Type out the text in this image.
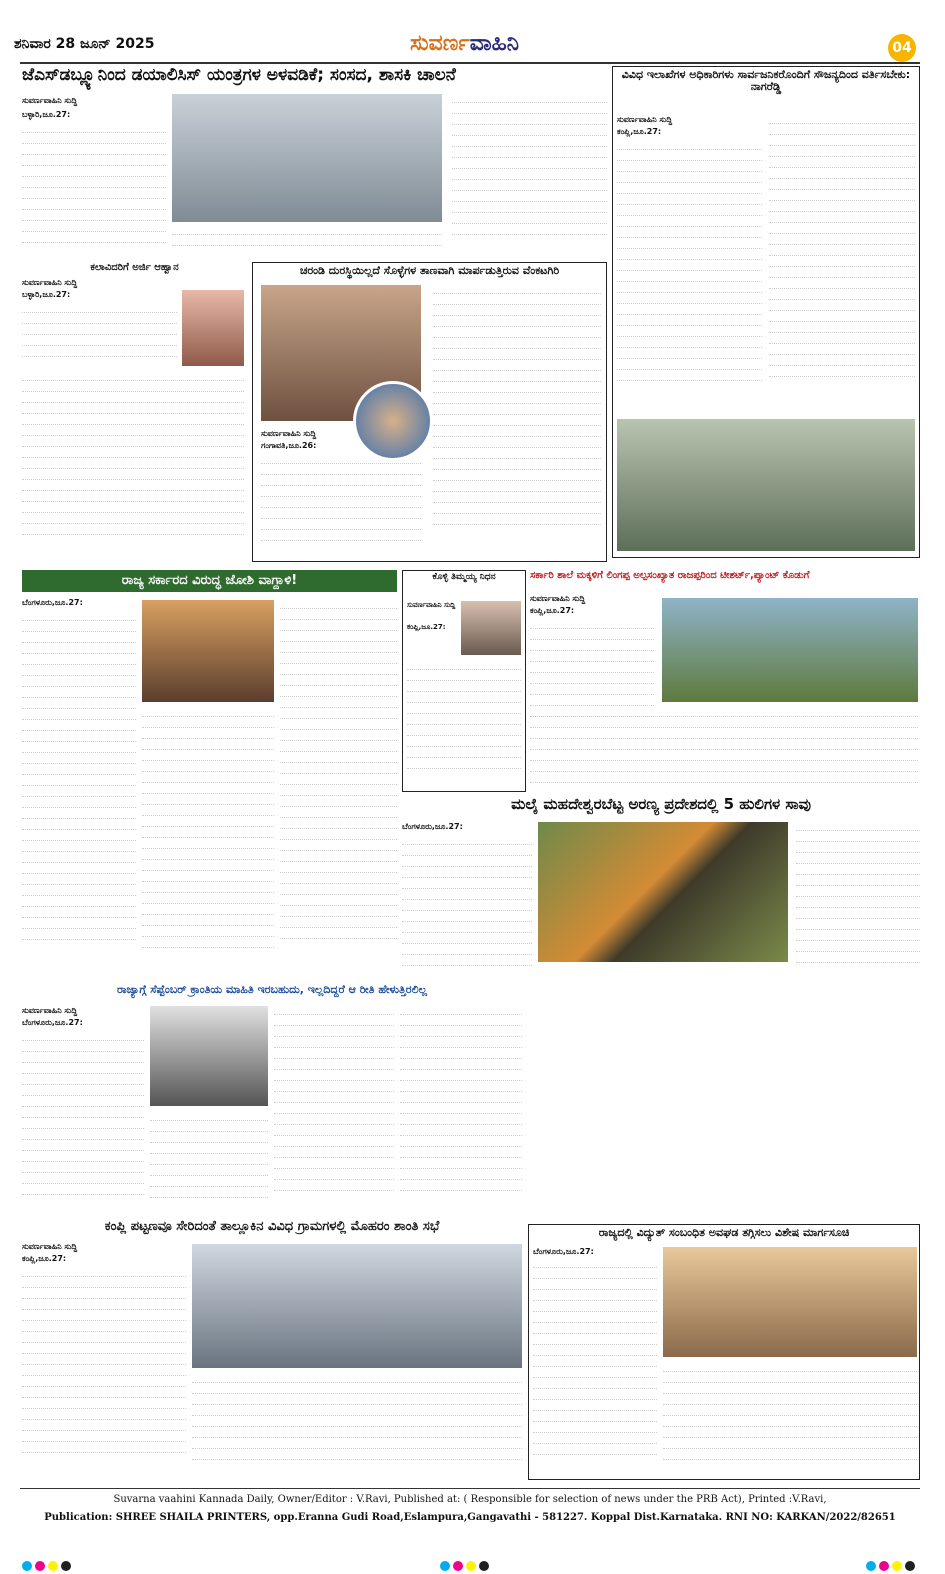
ಶನಿವಾರ 28 ಜೂನ್ 2025	ಸುವರ್ಣವಾಹಿನಿ	04
ಜೆಎಸ್‌ಡಬ್ಲ್ಯೂನಿಂದ ಡಯಾಲಿಸಿಸ್ ಯಂತ್ರಗಳ ಅಳವಡಿಕೆ; ಸಂಸದ, ಶಾಸಕಿ ಚಾಲನೆ
ಸುವರ್ಣವಾಹಿನಿ ಸುದ್ದಿ
ಬಳ್ಳಾರಿ,ಜೂ.27:
ವಿವಿಧ ಇಲಾಖೆಗಳ ಅಧಿಕಾರಿಗಳು ಸಾರ್ವಜನಿಕರೊಂದಿಗೆ ಸೌಜನ್ಯದಿಂದ ವರ್ತಿಸಬೇಕು: ನಾಗರೆಡ್ಡಿ
ಸುವರ್ಣವಾಹಿನಿ ಸುದ್ದಿ
ಕಂಪ್ಲಿ,ಜೂ.27:
ಕಲಾವಿದರಿಗೆ ಅರ್ಜಿ ಆಹ್ವಾನ
ಸುವರ್ಣವಾಹಿನಿ ಸುದ್ದಿ
ಬಳ್ಳಾರಿ,ಜೂ.27:
ಚರಂಡಿ ದುರಸ್ಥಿಯಿಲ್ಲದೆ ಸೊಳ್ಳೆಗಳ ತಾಣವಾಗಿ ಮಾರ್ಪಡುತ್ತಿರುವ ವೆಂಕಟಗಿರಿ
ಸುವರ್ಣವಾಹಿನಿ ಸುದ್ದಿ
ಗಂಗಾವತಿ,ಜೂ.26:
ರಾಜ್ಯ ಸರ್ಕಾರದ ವಿರುದ್ಧ ಜೋಶಿ ವಾಗ್ದಾಳಿ!
ಬೆಂಗಳೂರು,ಜೂ.27:
ಕೊಳ್ಳಿ ತಿಮ್ಮಯ್ಯ ನಿಧನ
ಸುವರ್ಣವಾಹಿನಿ ಸುದ್ದಿ
ಕಂಪ್ಲಿ,ಜೂ.27:
ಸರ್ಕಾರಿ ಶಾಲೆ ಮಕ್ಕಳಿಗೆ ಲಿಂಗಪ್ಪ ಅಲ್ಪಸಂಖ್ಯಾತ ರಾಜಪ್ಪರಿಂದ ಟೀಶರ್ಟ್,ಪ್ಯಾಂಟ್ ಕೊಡುಗೆ
ಸುವರ್ಣವಾಹಿನಿ ಸುದ್ದಿ
ಕಂಪ್ಲಿ,ಜೂ.27:
ಮಲೈ ಮಹದೇಶ್ವರಬೆಟ್ಟ ಅರಣ್ಯ ಪ್ರದೇಶದಲ್ಲಿ 5 ಹುಲಿಗಳ ಸಾವು
ಬೆಂಗಳೂರು,ಜೂ.27:
ರಾಜ್ಯಾಗ್ಗೆ ಸೆಪ್ಟೆಂಬರ್ ಕ್ರಾಂತಿಯ ಮಾಹಿತಿ ಇರಬಹುದು, ಇಲ್ಲದಿದ್ದರೆ ಆ ರೀತಿ ಹೇಳುತ್ತಿರಲಿಲ್ಲ
ಸುವರ್ಣವಾಹಿನಿ ಸುದ್ದಿ
ಬೆಂಗಳೂರು,ಜೂ.27:
ರಾಜ್ಯದಲ್ಲಿ ವಿದ್ಯುತ್ ಸಂಬಂಧಿತ ಅವಘಡ ತಗ್ಗಿಸಲು ವಿಶೇಷ ಮಾರ್ಗಸೂಚಿ
ಬೆಂಗಳೂರು,ಜೂ.27:
ಕಂಪ್ಲಿ ಪಟ್ಟಣವೂ ಸೇರಿದಂತೆ ತಾಲ್ಲೂಕಿನ ವಿವಿಧ ಗ್ರಾಮಗಳಲ್ಲಿ ಮೊಹರಂ ಶಾಂತಿ ಸಭೆ
ಸುವರ್ಣವಾಹಿನಿ ಸುದ್ದಿ
ಕಂಪ್ಲಿ,ಜೂ.27:
Suvarna vaahini Kannada Daily, Owner/Editor : V.Ravi, Published at: ( Responsible for selection of news under the PRB Act), Printed :V.Ravi,
Publication: SHREE SHAILA PRINTERS, opp.Eranna Gudi Road,Eslampura,Gangavathi - 581227. Koppal Dist.Karnataka. RNI NO: KARKAN/2022/82651
